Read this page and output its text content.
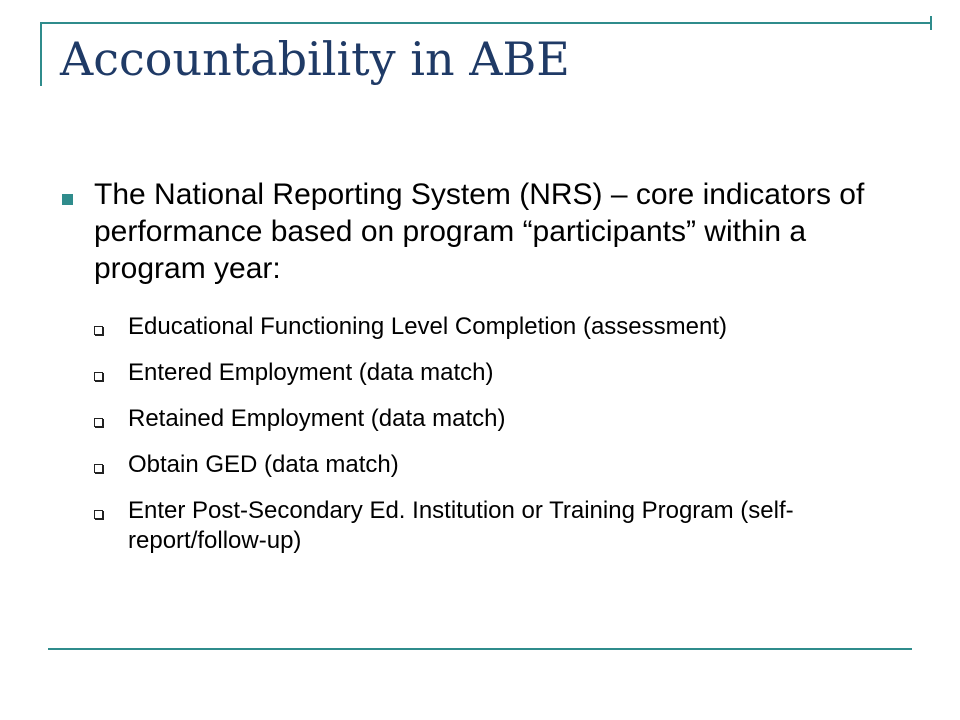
Accountability in ABE
The National Reporting System (NRS) – core indicators of performance based on program “participants” within a program year:
Educational Functioning Level Completion (assessment)
Entered Employment (data match)
Retained Employment (data match)
Obtain GED (data match)
Enter Post-Secondary Ed. Institution or Training Program (self-report/follow-up)
